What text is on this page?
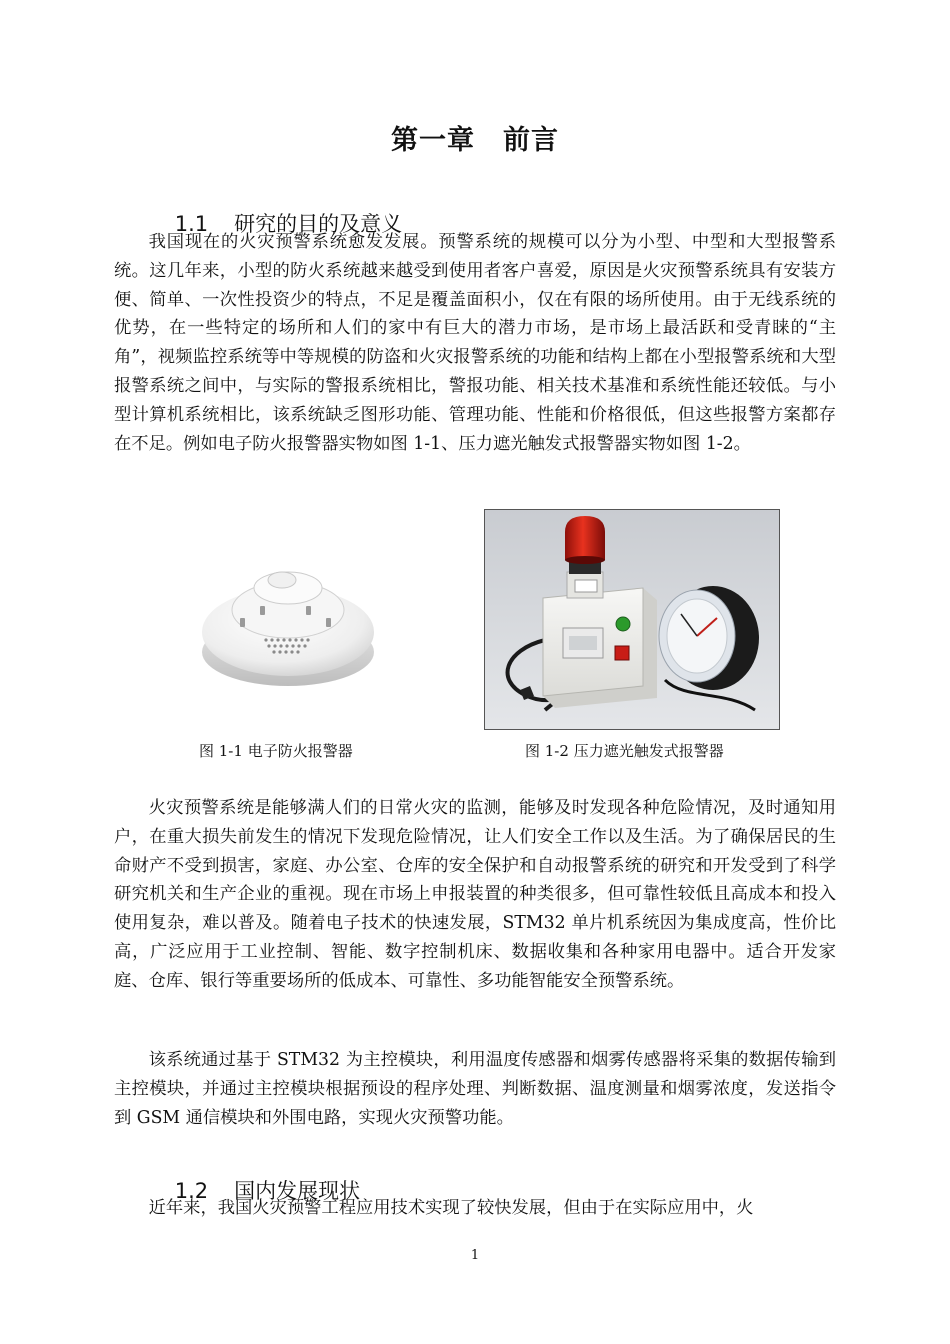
第一章　前言

1.1 研究的目的及意义

我国现在的火灾预警系统愈发发展。预警系统的规模可以分为小型、中型和大型报警系统。这几年来，小型的防火系统越来越受到使用者客户喜爱，原因是火灾预警系统具有安装方便、简单、一次性投资少的特点，不足是覆盖面积小，仅在有限的场所使用。由于无线系统的优势，在一些特定的场所和人们的家中有巨大的潜力市场，是市场上最活跃和受青睐的“主角”，视频监控系统等中等规模的防盗和火灾报警系统的功能和结构上都在小型报警系统和大型报警系统之间中，与实际的警报系统相比，警报功能、相关技术基准和系统性能还较低。与小型计算机系统相比，该系统缺乏图形功能、管理功能、性能和价格很低，但这些报警方案都存在不足。例如电子防火报警器实物如图 1-1、压力遮光触发式报警器实物如图 1-2。

图 1-1 电子防火报警器	图 1-2 压力遮光触发式报警器

火灾预警系统是能够满人们的日常火灾的监测，能够及时发现各种危险情况，及时通知用户，在重大损失前发生的情况下发现危险情况，让人们安全工作以及生活。为了确保居民的生命财产不受到损害，家庭、办公室、仓库的安全保护和自动报警系统的研究和开发受到了科学研究机关和生产企业的重视。现在市场上申报装置的种类很多，但可靠性较低且高成本和投入使用复杂，难以普及。随着电子技术的快速发展，STM32 单片机系统因为集成度高，性价比高，广泛应用于工业控制、智能、数字控制机床、数据收集和各种家用电器中。适合开发家庭、仓库、银行等重要场所的低成本、可靠性、多功能智能安全预警系统。

该系统通过基于 STM32 为主控模块，利用温度传感器和烟雾传感器将采集的数据传输到主控模块，并通过主控模块根据预设的程序处理、判断数据、温度测量和烟雾浓度，发送指令到 GSM 通信模块和外围电路，实现火灾预警功能。

1.2 国内发展现状

近年来，我国火灾预警工程应用技术实现了较快发展，但由于在实际应用中，火

1
